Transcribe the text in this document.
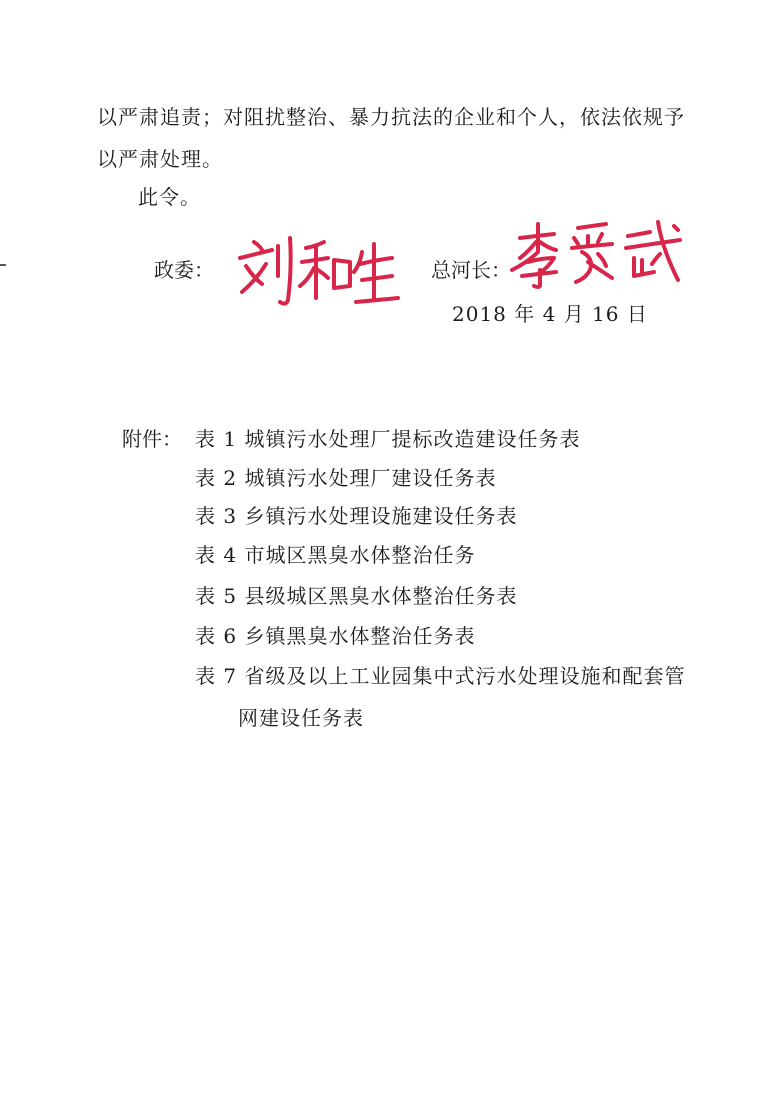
以严肃追责；对阻扰整治、暴力抗法的企业和个人，依法依规予
以严肃处理。
此令。
政委：	总河长：
2018 年 4 月 16 日
附件： 表 1 城镇污水处理厂提标改造建设任务表
表 2 城镇污水处理厂建设任务表
表 3 乡镇污水处理设施建设任务表
表 4 市城区黑臭水体整治任务
表 5 县级城区黑臭水体整治任务表
表 6 乡镇黑臭水体整治任务表
表 7 省级及以上工业园集中式污水处理设施和配套管
网建设任务表
